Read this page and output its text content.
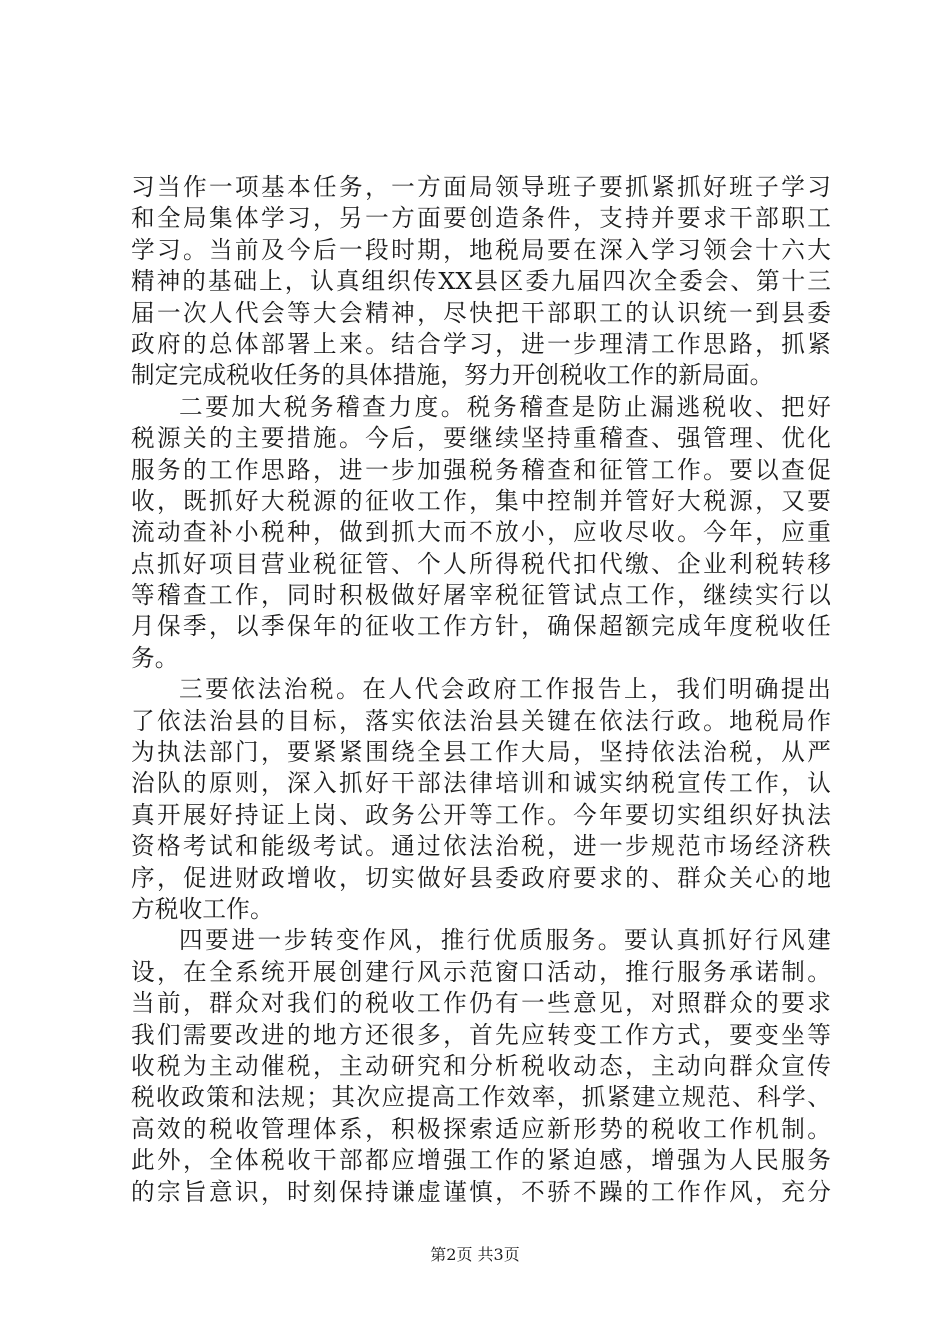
习当作一项基本任务，一方面局领导班子要抓紧抓好班子学习
和全局集体学习，另一方面要创造条件，支持并要求干部职工
学习。当前及今后一段时期，地税局要在深入学习领会十六大
精神的基础上，认真组织传XX县区委九届四次全委会、第十三
届一次人代会等大会精神，尽快把干部职工的认识统一到县委
政府的总体部署上来。结合学习，进一步理清工作思路，抓紧
制定完成税收任务的具体措施，努力开创税收工作的新局面。
二要加大税务稽查力度。税务稽查是防止漏逃税收、把好
税源关的主要措施。今后，要继续坚持重稽查、强管理、优化
服务的工作思路，进一步加强税务稽查和征管工作。要以查促
收，既抓好大税源的征收工作，集中控制并管好大税源，又要
流动查补小税种，做到抓大而不放小，应收尽收。今年，应重
点抓好项目营业税征管、个人所得税代扣代缴、企业利税转移
等稽查工作，同时积极做好屠宰税征管试点工作，继续实行以
月保季，以季保年的征收工作方针，确保超额完成年度税收任
务。
三要依法治税。在人代会政府工作报告上，我们明确提出
了依法治县的目标，落实依法治县关键在依法行政。地税局作
为执法部门，要紧紧围绕全县工作大局，坚持依法治税，从严
治队的原则，深入抓好干部法律培训和诚实纳税宣传工作，认
真开展好持证上岗、政务公开等工作。今年要切实组织好执法
资格考试和能级考试。通过依法治税，进一步规范市场经济秩
序，促进财政增收，切实做好县委政府要求的、群众关心的地
方税收工作。
四要进一步转变作风，推行优质服务。要认真抓好行风建
设，在全系统开展创建行风示范窗口活动，推行服务承诺制。
当前，群众对我们的税收工作仍有一些意见，对照群众的要求
我们需要改进的地方还很多，首先应转变工作方式，要变坐等
收税为主动催税，主动研究和分析税收动态，主动向群众宣传
税收政策和法规；其次应提高工作效率，抓紧建立规范、科学、
高效的税收管理体系，积极探索适应新形势的税收工作机制。
此外，全体税收干部都应增强工作的紧迫感，增强为人民服务
的宗旨意识，时刻保持谦虚谨慎，不骄不躁的工作作风，充分
第2页 共3页
